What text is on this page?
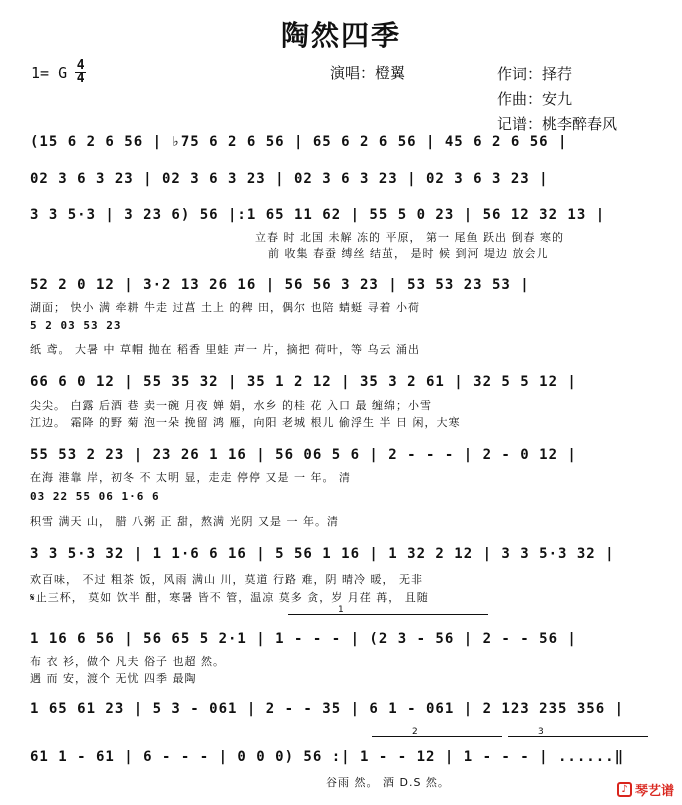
陶然四季
1= G $\frac{4}{4}$	演唱：橙翼	作词：择荇
作曲：安九
记谱：桃李醉春风
(15 6 2 6 56 | ♭75 6 2 6 56 | 65 6 2 6 56 | 45 6 2 6 56 |
02 3 6 3 23 | 02 3 6 3 23 | 02 3 6 3 23 | 02 3 6 3 23 |
3 3 5·3 | 3 23 6) 56 |:1 65 11 62 | 55 5 0 23 | 56 12 32 13 |
立春 时 北国 未解 冻的 平原， 第一 尾鱼 跃出 倒春 寒的
前 收集 春蚕 缚丝 结茧， 是时 候 到河 堤边 放会儿
52 2 0 12 | 3·2 13 26 16 | 56 56 3 23 | 53 53 23 53 |
湖面； 快小 满 牵耕 牛走 过菖 土上 的稗 田，偶尔 也陪 蜻蜓 寻着 小荷
5 2 03 53 23
纸 鸢。 大暑 中 草帽 抛在 稻香 里蛙 声一 片，摘把 荷叶，等 乌云 涌出
66 6 0 12 | 55 35 32 | 35 1 2 12 | 35 3 2 61 | 32 5 5 12 |
尖尖。 白露 后酒 巷 卖一碗 月夜 婵 娟，水乡 的桂 花 入口 最 缠绵；小雪
江边。 霜降 的野 菊 泡一朵 挽留 鸿 雁，向阳 老城 根儿 偷浮生 半 日 闲，大寒
55 53 2 23 | 23 26 1 16 | 56 06 5 6 | 2 - - - | 2 - 0 12 |
在海 港靠 岸，初冬 不 太明 显，走走 停停 又是 一 年。 清
03 22 55 06 1·6 6
积雪 满天 山， 腊 八粥 正 甜，熬满 光阴 又是 一 年。清
3 3 5·3 32 | 1 1·6 6 16 | 5 56 1 16 | 1 32 2 12 | 3 3 5·3 32 |
欢百味， 不过 粗茶 饭，风雨 满山 川，莫道 行路 难，阴 晴冷 暖， 无非
𝄋止三杯， 莫如 饮半 酣，寒暑 皆不 管，温凉 莫多 贪，岁 月荏 苒， 且随
1 16 6 56 | 56 65 5 2·1 | 1 - - - | (2 3 - 56 | 2 - - 56 |
布 衣 衫，做个 凡夫 俗子 也超 然。
遇 而 安，渡个 无忧 四季 最陶
1 65 61 23 | 5 3 - 061 | 2 - - 35 | 6 1 - 061 | 2 123 235 356 |
61 1 - 61 | 6 - - - | 0 0 0) 56 :| 1 - - 12 | 1 - - - | ......‖
谷雨 然。 酒 D.S 然。
1
2	3
♪ 琴艺谱
